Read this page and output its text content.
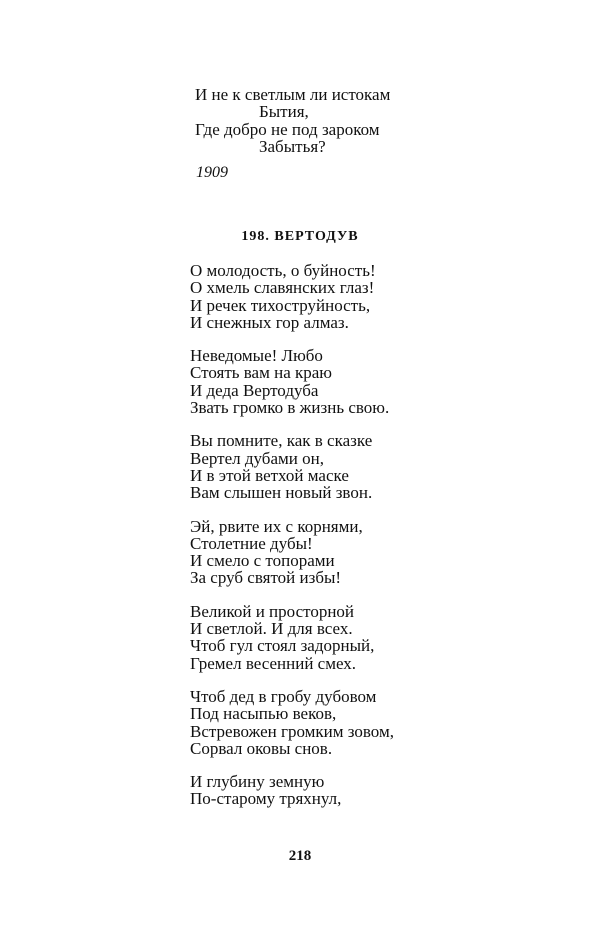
И не к светлым ли истокам
Бытия,
Где добро не под зароком
Забытья?
1909
198. ВЕРТОДУВ
О молодость, о буйность!
О хмель славянских глаз!
И речек тихоструйность,
И снежных гор алмаз.
Неведомые! Любо
Стоять вам на краю
И деда Вертодуба
Звать громко в жизнь свою.
Вы помните, как в сказке
Вертел дубами он,
И в этой ветхой маске
Вам слышен новый звон.
Эй, рвите их с корнями,
Столетние дубы!
И смело с топорами
За сруб святой избы!
Великой и просторной
И светлой. И для всех.
Чтоб гул стоял задорный,
Гремел весенний смех.
Чтоб дед в гробу дубовом
Под насыпью веков,
Встревожен громким зовом,
Сорвал оковы снов.
И глубину земную
По-старому тряхнул,
218
